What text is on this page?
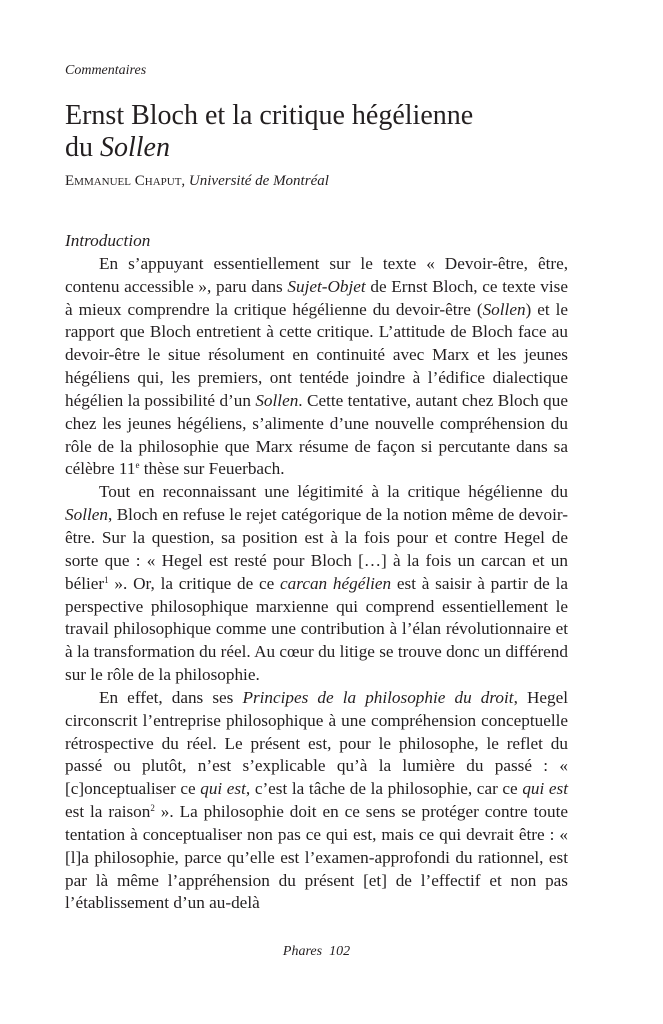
Commentaires
Ernst Bloch et la critique hégélienne
du Sollen
Emmanuel Chaput, Université de Montréal
Introduction

En s’appuyant essentiellement sur le texte « Devoir-être, être, contenu accessible », paru dans Sujet-Objet de Ernst Bloch, ce texte vise à mieux comprendre la critique hégélienne du devoir-être (Sollen) et le rapport que Bloch entretient à cette critique. L’attitude de Bloch face au devoir-être le situe résolument en continuité avec Marx et les jeunes hégéliens qui, les premiers, ont tentéde joindre à l’édifice dialectique hégélien la possibilité d’un Sollen. Cette tentative, autant chez Bloch que chez les jeunes hégéliens, s’alimente d’une nouvelle compréhension du rôle de la philosophie que Marx résume de façon si percutante dans sa célèbre 11e thèse sur Feuerbach.

Tout en reconnaissant une légitimité à la critique hégélienne du Sollen, Bloch en refuse le rejet catégorique de la notion même de devoir-être. Sur la question, sa position est à la fois pour et contre Hegel de sorte que : « Hegel est resté pour Bloch […] à la fois un carcan et un bélier$^1$ ». Or, la critique de ce carcan hégélien est à saisir à partir de la perspective philosophique marxienne qui comprend essentiellement le travail philosophique comme une contribution à l’élan révolutionnaire et à la transformation du réel. Au cœur du litige se trouve donc un différend sur le rôle de la philosophie.

En effet, dans ses Principes de la philosophie du droit, Hegel circonscrit l’entreprise philosophique à une compréhension conceptuelle rétrospective du réel. Le présent est, pour le philosophe, le reflet du passé ou plutôt, n’est s’explicable qu’à la lumière du passé : « [c]onceptualiser ce qui est, c’est la tâche de la philosophie, car ce qui est est la raison$^2$ ». La philosophie doit en ce sens se protéger contre toute tentation à conceptualiser non pas ce qui est, mais ce qui devrait être : « [l]a philosophie, parce qu’elle est l’examen-approfondi du rationnel, est par là même l’appréhension du présent [et] de l’effectif et non pas l’établissement d’un au-delà

Phares 102
